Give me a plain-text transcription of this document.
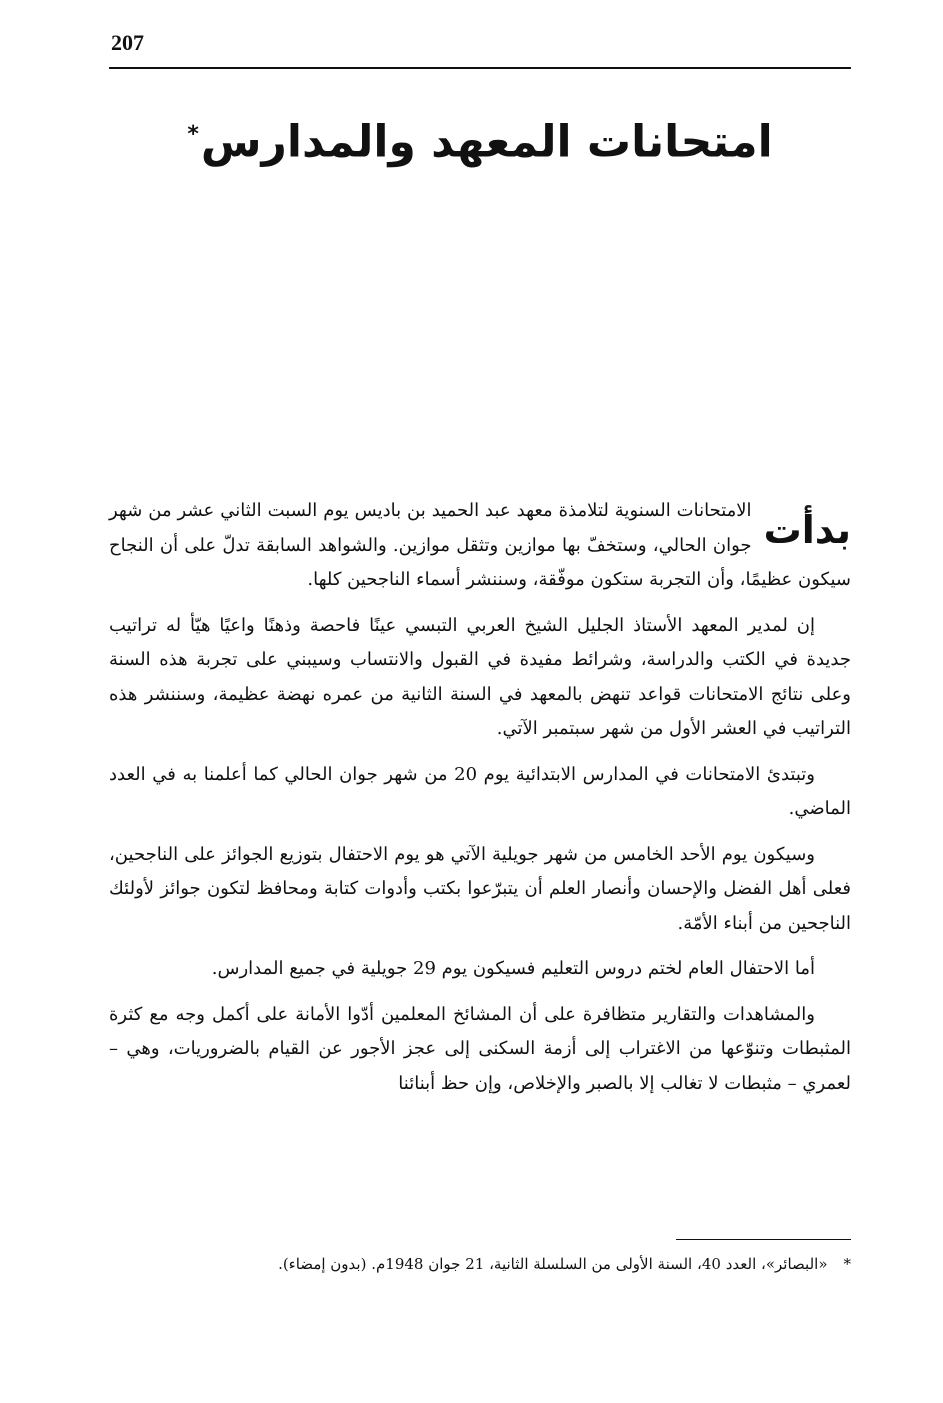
207
امتحانات المعهد والمدارس*

بدأت
الامتحانات السنوية لتلامذة معهد عبد الحميد بن باديس يوم السبت الثاني عشر من شهر جوان الحالي، وستخفّ بها موازين وتثقل موازين. والشواهد السابقة تدلّ على أن النجاح سيكون عظيمًا، وأن التجربة ستكون موفّقة، وسننشر أسماء الناجحين كلها.

إن لمدير المعهد الأستاذ الجليل الشيخ العربي التبسي عينًا فاحصة وذهنًا واعيًا هيّأ له تراتيب جديدة في الكتب والدراسة، وشرائط مفيدة في القبول والانتساب وسيبني على تجربة هذه السنة وعلى نتائج الامتحانات قواعد تنهض بالمعهد في السنة الثانية من عمره نهضة عظيمة، وسننشر هذه التراتيب في العشر الأول من شهر سبتمبر الآتي.

وتبتدئ الامتحانات في المدارس الابتدائية يوم 20 من شهر جوان الحالي كما أعلمنا به في العدد الماضي.

وسيكون يوم الأحد الخامس من شهر جويلية الآتي هو يوم الاحتفال بتوزيع الجوائز على الناجحين، فعلى أهل الفضل والإحسان وأنصار العلم أن يتبرّعوا بكتب وأدوات كتابة ومحافظ لتكون جوائز لأولئك الناجحين من أبناء الأمّة.

أما الاحتفال العام لختم دروس التعليم فسيكون يوم 29 جويلية في جميع المدارس.

والمشاهدات والتقارير متظافرة على أن المشائخ المعلمين أدّوا الأمانة على أكمل وجه مع كثرة المثبطات وتنوّعها من الاغتراب إلى أزمة السكنى إلى عجز الأجور عن القيام بالضروريات، وهي – لعمري – مثبطات لا تغالب إلا بالصبر والإخلاص، وإن حظ أبنائنا

*«البصائر»، العدد 40، السنة الأولى من السلسلة الثانية، 21 جوان 1948م. (بدون إمضاء).
